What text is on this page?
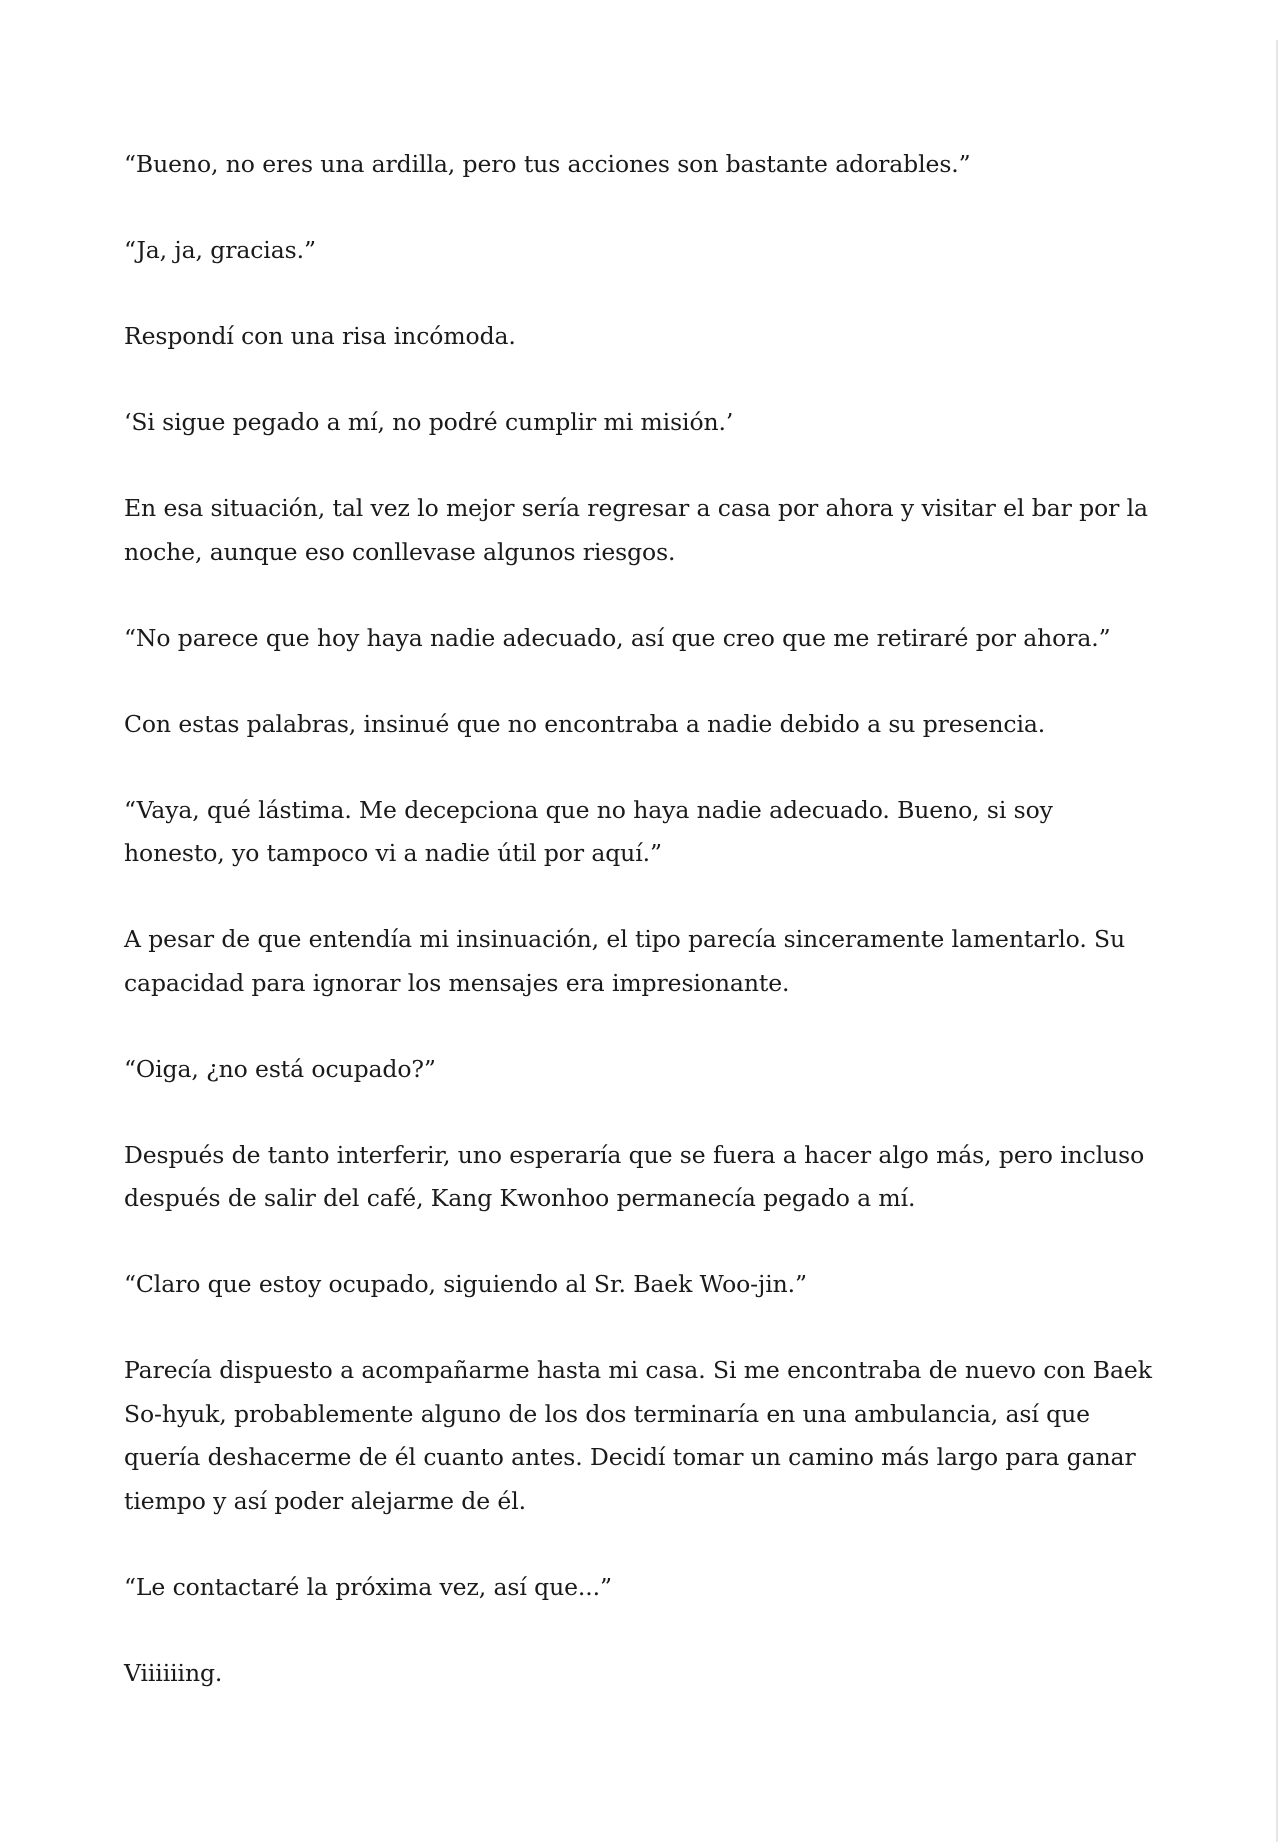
“Bueno, no eres una ardilla, pero tus acciones son bastante adorables.”

“Ja, ja, gracias.”

Respondí con una risa incómoda.

‘Si sigue pegado a mí, no podré cumplir mi misión.’

En esa situación, tal vez lo mejor sería regresar a casa por ahora y visitar el bar por la noche, aunque eso conllevase algunos riesgos.

“No parece que hoy haya nadie adecuado, así que creo que me retiraré por ahora.”

Con estas palabras, insinué que no encontraba a nadie debido a su presencia.

“Vaya, qué lástima. Me decepciona que no haya nadie adecuado. Bueno, si soy honesto, yo tampoco vi a nadie útil por aquí.”

A pesar de que entendía mi insinuación, el tipo parecía sinceramente lamentarlo. Su capacidad para ignorar los mensajes era impresionante.

“Oiga, ¿no está ocupado?”

Después de tanto interferir, uno esperaría que se fuera a hacer algo más, pero incluso después de salir del café, Kang Kwonhoo permanecía pegado a mí.

“Claro que estoy ocupado, siguiendo al Sr. Baek Woo-jin.”

Parecía dispuesto a acompañarme hasta mi casa. Si me encontraba de nuevo con Baek So-hyuk, probablemente alguno de los dos terminaría en una ambulancia, así que quería deshacerme de él cuanto antes. Decidí tomar un camino más largo para ganar tiempo y así poder alejarme de él.

“Le contactaré la próxima vez, así que...”

Viiiiiing.
